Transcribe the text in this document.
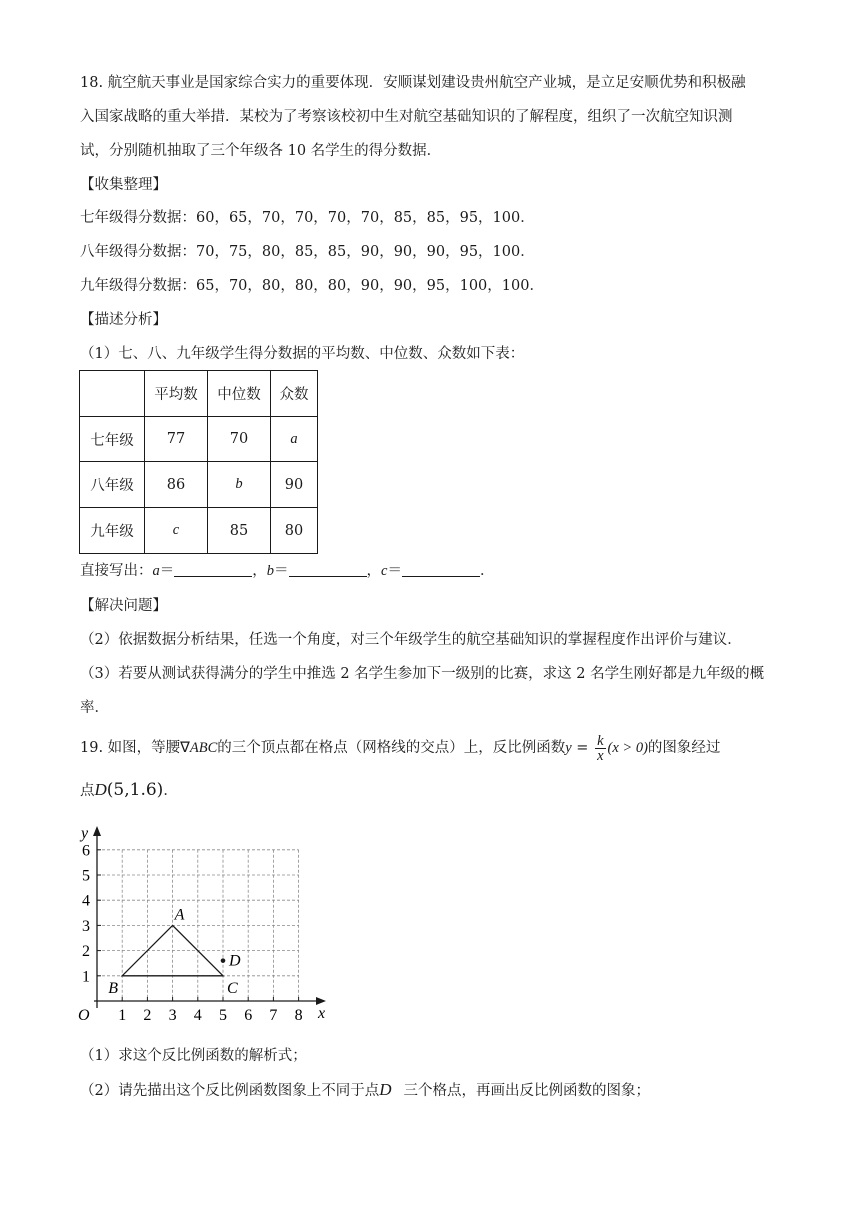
18. 航空航天事业是国家综合实力的重要体现．安顺谋划建设贵州航空产业城，是立足安顺优势和积极融
入国家战略的重大举措．某校为了考察该校初中生对航空基础知识的了解程度，组织了一次航空知识测
试，分别随机抽取了三个年级各 10 名学生的得分数据．
【收集整理】
七年级得分数据：60，65，70，70，70，70，85，85，95，100．
八年级得分数据：70，75，80，85，85，90，90，90，95，100．
九年级得分数据：65，70，80，80，80，90，90，95，100，100．
【描述分析】
（1）七、八、九年级学生得分数据的平均数、中位数、众数如下表：
	平均数	中位数	众数
七年级	77	70	a
八年级	86	b	90
九年级	c	85	80
直接写出：a＝	，b＝	，c＝	．
【解决问题】
（2）依据数据分析结果，任选一个角度，对三个年级学生的航空基础知识的掌握程度作出评价与建议．
（3）若要从测试获得满分的学生中推选 2 名学生参加下一级别的比赛，求这 2 名学生刚好都是九年级的概
率．
19. 如图，等腰∇ABC的三个顶点都在格点（网格线的交点）上，反比例函数$y = \frac{k}{x} (x > 0)$的图象经过
点D(5,1.6)．
1 2 3 4 5 6 7 8
1
2
3
4
5
6
x
y
O
A
B	C
D
（1）求这个反比例函数的解析式；
（2）请先描出这个反比例函数图象上不同于点D 三个格点，再画出反比例函数的图象；
